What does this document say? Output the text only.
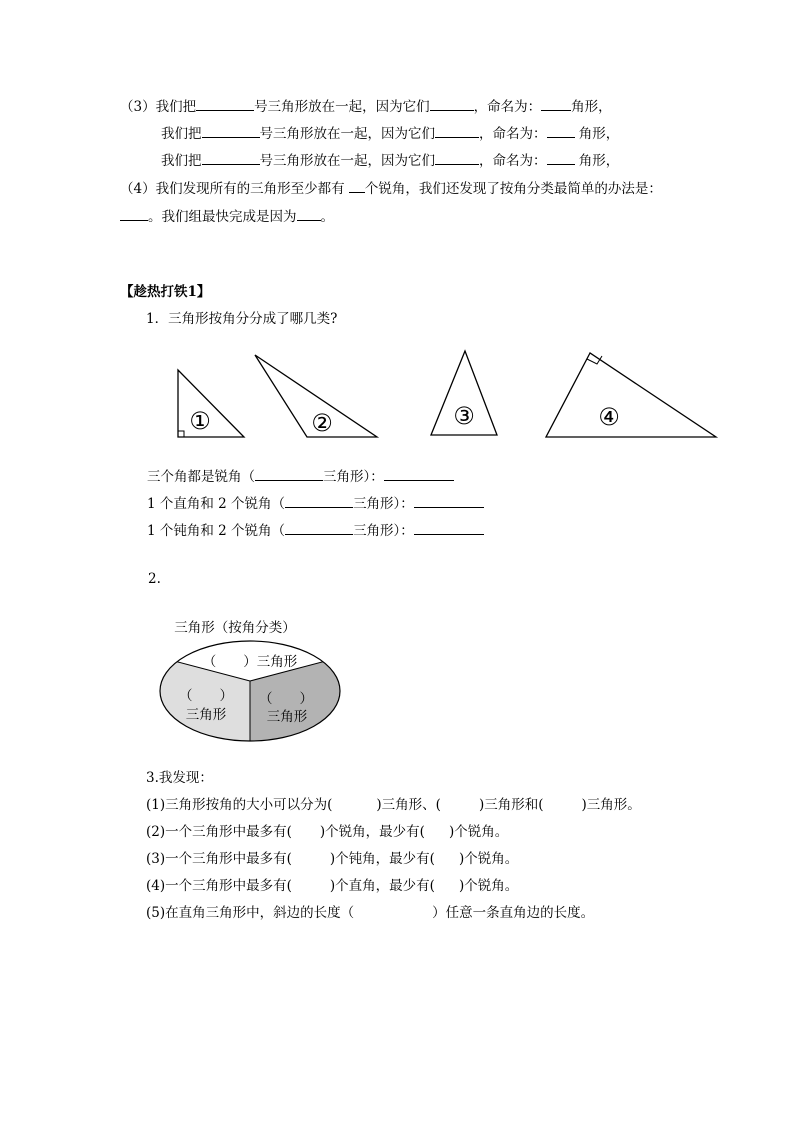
（3）我们把	号三角形放在一起，因为它们	，命名为： 角形，
我们把	号三角形放在一起，因为它们	，命名为： 角形，
我们把	号三角形放在一起，因为它们	，命名为： 角形，
（4）我们发现所有的三角形至少都有 个锐角，我们还发现了按角分类最简单的办法是：
。我们组最快完成是因为 。
【趁热打铁1】
1．三角形按角分分成了哪几类?
①	②	③	④
三个角都是锐角（	三角形）：
1 个直角和 2 个锐角（	三角形）：
1 个钝角和 2 个锐角（	三角形）：
2.
三角形（按角分类）
（　　）三角形
（　　）
三角形
（　　）
三角形
3.我发现：
(1)三角形按角的大小可以分为(	)三角形、(	)三角形和(	)三角形。
(2)一个三角形中最多有( )个锐角，最少有( )个锐角。
(3)一个三角形中最多有(	)个钝角，最少有( )个锐角。
(4)一个三角形中最多有(	)个直角，最少有( )个锐角。
(5)在直角三角形中，斜边的长度（	）任意一条直角边的长度。
